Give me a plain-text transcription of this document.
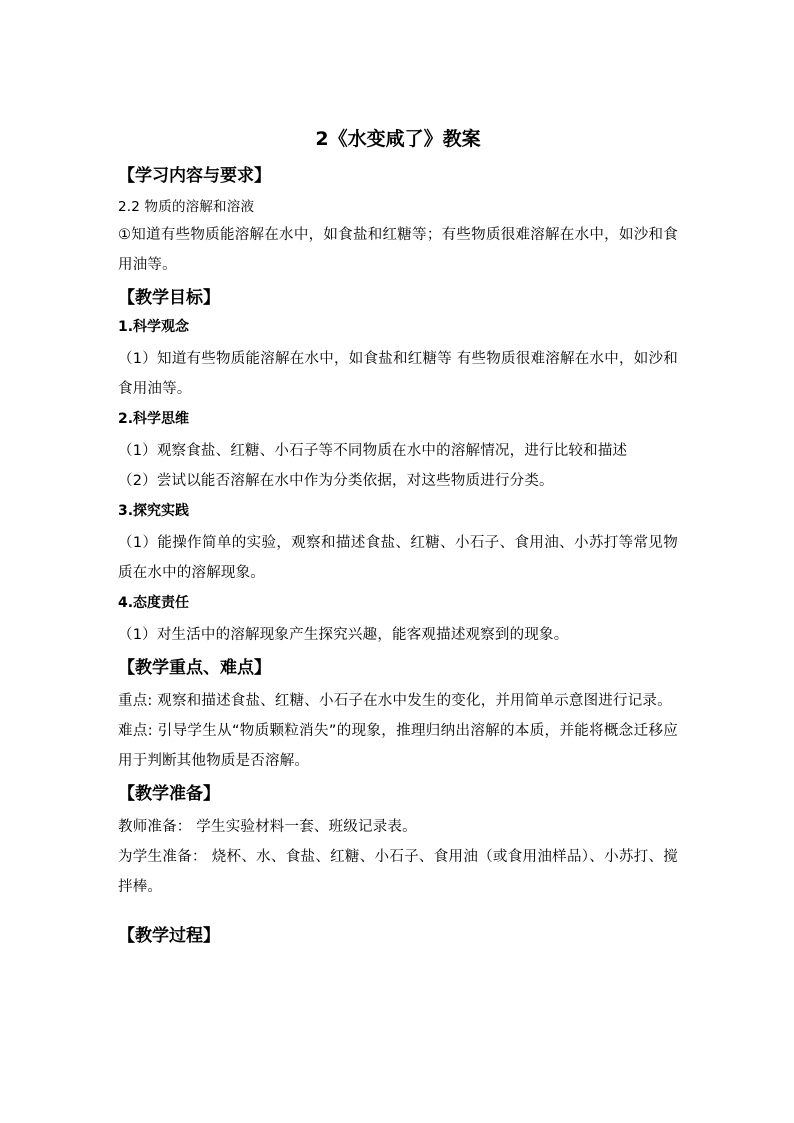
2《水变咸了》教案
【学习内容与要求】

2.2 物质的溶解和溶液

①知道有些物质能溶解在水中，如食盐和红糖等；有些物质很难溶解在水中，如沙和食用油等。

【教学目标】
1.科学观念

（1）知道有些物质能溶解在水中，如食盐和红糖等 有些物质很难溶解在水中，如沙和食用油等。

2.科学思维

（1）观察食盐、红糖、小石子等不同物质在水中的溶解情况，进行比较和描述

（2）尝试以能否溶解在水中作为分类依据，对这些物质进行分类。

3.探究实践

（1）能操作简单的实验，观察和描述食盐、红糖、小石子、食用油、小苏打等常见物质在水中的溶解现象。

4.态度责任

（1）对生活中的溶解现象产生探究兴趣，能客观描述观察到的现象。

【教学重点、难点】

重点: 观察和描述食盐、红糖、小石子在水中发生的变化，并用简单示意图进行记录。

难点: 引导学生从“物质颗粒消失”的现象，推理归纳出溶解的本质，并能将概念迁移应用于判断其他物质是否溶解。

【教学准备】

教师准备： 学生实验材料一套、班级记录表。

为学生准备： 烧杯、水、食盐、红糖、小石子、食用油（或食用油样品）、小苏打、搅拌棒。

【教学过程】
